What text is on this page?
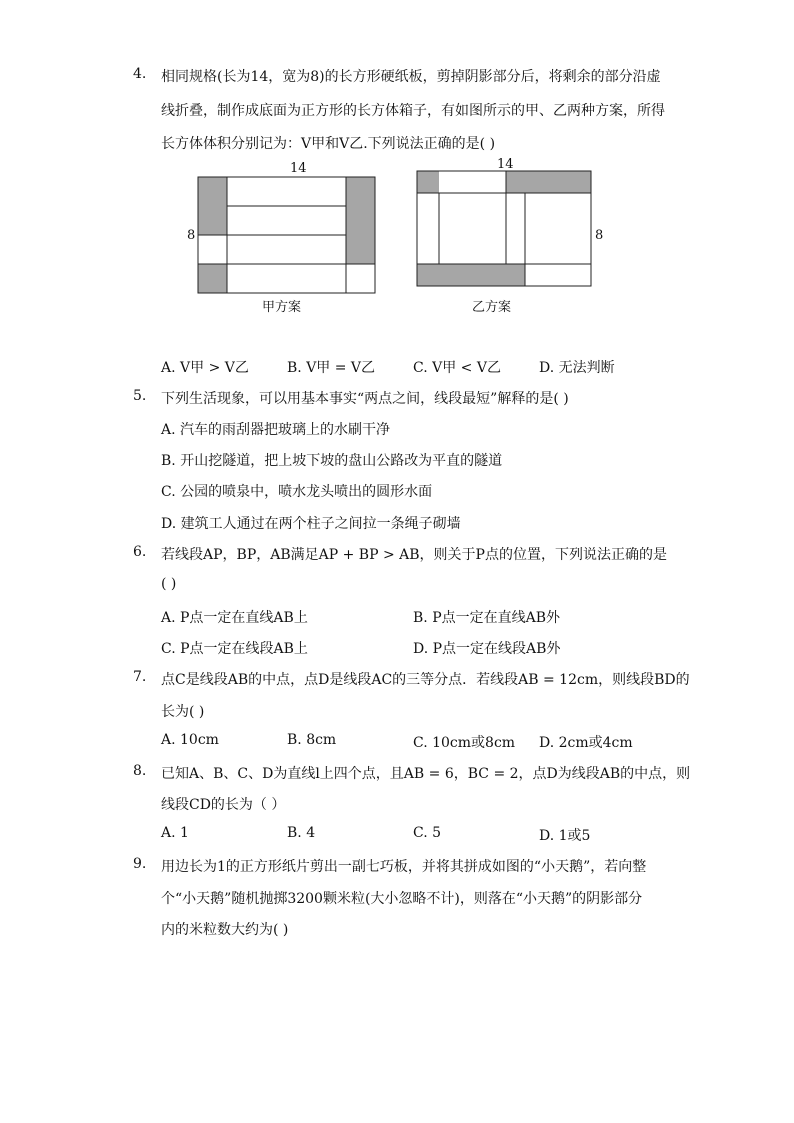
4.	相同规格(长为14，宽为8)的长方形硬纸板，剪掉阴影部分后，将剩余的部分沿虚
线折叠，制作成底面为正方形的长方体箱子，有如图所示的甲、乙两种方案，所得
长方体体积分别记为：V甲和V乙.下列说法正确的是( )
14
8
甲方案
14
8
乙方案
A. V甲 > V乙	B. V甲 = V乙	C. V甲 < V乙	D. 无法判断
5.	下列生活现象，可以用基本事实“两点之间，线段最短”解释的是( )
A. 汽车的雨刮器把玻璃上的水刷干净
B. 开山挖隧道，把上坡下坡的盘山公路改为平直的隧道
C. 公园的喷泉中，喷水龙头喷出的圆形水面
D. 建筑工人通过在两个柱子之间拉一条绳子砌墙
6.	若线段AP，BP，AB满足AP + BP > AB，则关于P点的位置，下列说法正确的是
( )
A. P点一定在直线AB上	B. P点一定在直线AB外
C. P点一定在线段AB上	D. P点一定在线段AB外
7.	点C是线段AB的中点，点D是线段AC的三等分点．若线段AB = 12cm，则线段BD的
长为( )
A. 10cm	B. 8cm	C. 10cm或8cm D. 2cm或4cm
8.	已知A、B、C、D为直线l上四个点，且AB = 6，BC = 2，点D为线段AB的中点，则
线段CD的长为（ ）
A. 1	B. 4	C. 5	D. 1或5
9.	用边长为1的正方形纸片剪出一副七巧板，并将其拼成如图的“小天鹅”，若向整
个“小天鹅”随机抛掷3200颗米粒(大小忽略不计)，则落在“小天鹅”的阴影部分
内的米粒数大约为( )
